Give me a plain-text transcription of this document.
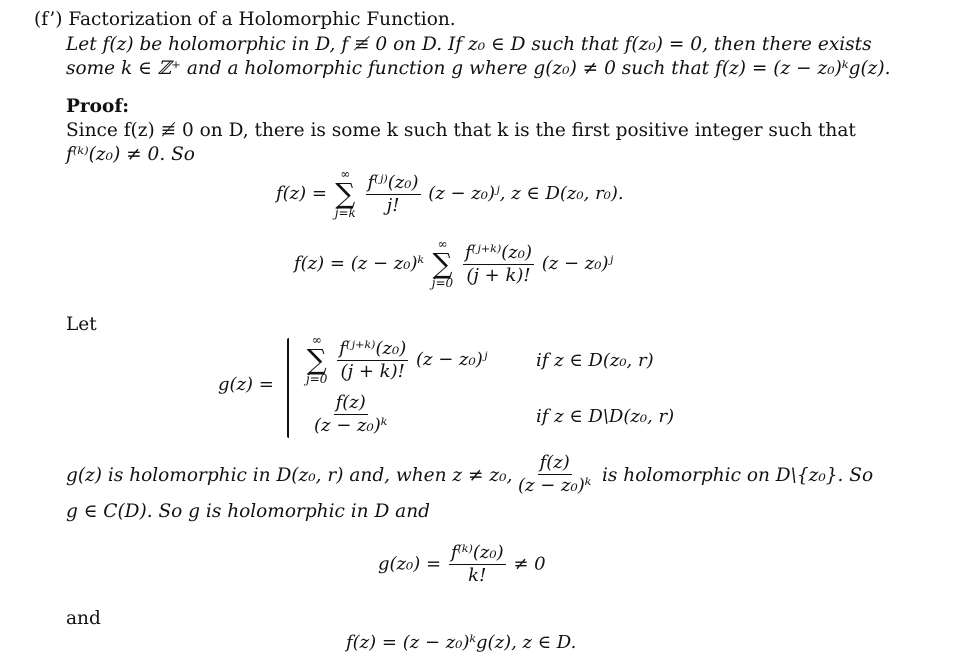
(f’) Factorization of a Holomorphic Function.
Let f(z) be holomorphic in D, f ≢ 0 on D. If z₀ ∈ D such that f(z₀) = 0, then there exists
some k ∈ ℤ⁺ and a holomorphic function g where g(z₀) ≠ 0 such that f(z) = (z − z₀)ᵏg(z).
Proof:
Since f(z) ≢ 0 on D, there is some k such that k is the first positive integer such that
f⁽ᵏ⁾(z₀) ≠ 0. So
f(z) =
∞
∑
j=k
$\frac{\text{f⁽ʲ⁾(z₀)}}{j!} (z$ − z₀)ʲ, z ∈ D(z₀, r₀).
f(z) = (z − z₀)ᵏ
∞
∑
j=0
$\frac{\text{f⁽ʲ⁺ᵏ⁾(z₀)}}{(j + k)!} (z$ − z₀)ʲ
Let
g(z) =
∞
∑
j=0
$\frac{\text{f⁽ʲ⁺ᵏ⁾(z₀)}}{(j + k)!} (z$ − z₀)ʲ	if z ∈ D(z₀, r)
$\frac{f(z)}{\text{(z − z₀)ᵏ}}$	if z ∈ D\D(z₀, r)
g(z) is holomorphic in D(z₀, r) and, when z ≠ z₀, $\frac{f(z)}{\text{(z − z₀)ᵏ}}$ is holomorphic on D\{z₀}. So
g ∈ C(D). So g is holomorphic in D and
$g(z_0) = \frac{\text{f⁽ᵏ⁾(z₀)}}{k!} \ne 0$
and
f(z) = (z − z₀)ᵏg(z), z ∈ D.
